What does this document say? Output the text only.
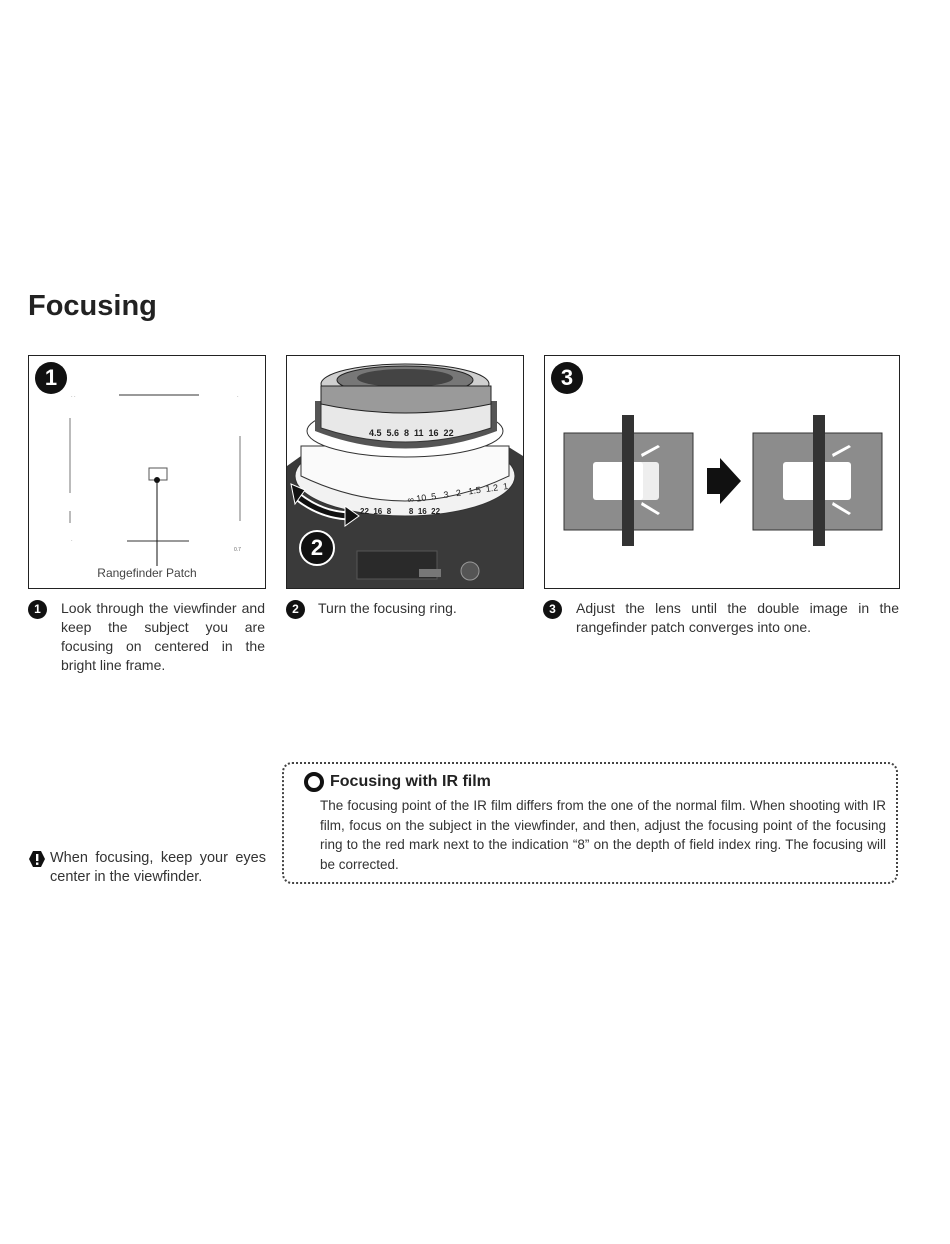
Focusing
1
· ·
·
·
0.7
Rangefinder Patch
4.5  5.6  8  11  16  22
∞ 10  5   3   2   1.5  1.2  1
22  16  8        8  16  22
2
3
1	Look through the viewfinder and keep the subject you are focusing on centered in the bright line frame.
2	Turn the focusing ring.	3	Adjust the lens until the double image in the rangefinder patch converges into one.
When focusing, keep your eyes center in the viewfinder.
Focusing with IR film
The focusing point of the IR film differs from the one of the normal film. When shooting with IR film, focus on the subject in the viewfinder, and then, adjust the focusing point of the focusing ring to the red mark next to the indication “8” on the depth of field index ring. The focusing will be corrected.
